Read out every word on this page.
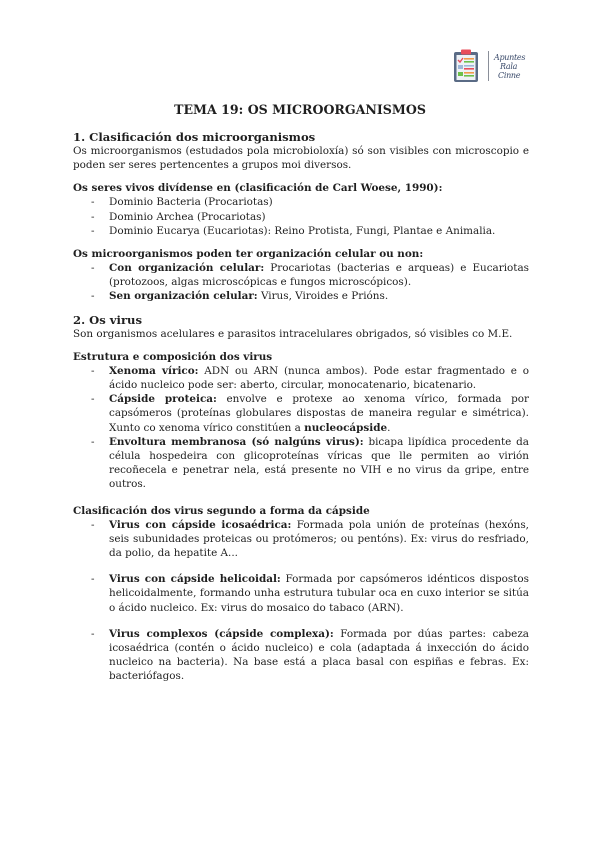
Apuntes
Rala
Cinne
TEMA 19: OS MICROORGANISMOS
1. Clasificación dos microorganismos

Os microorganismos (estudados pola microbioloxía) só son visibles con microscopio e poden ser seres pertencentes a grupos moi diversos.

Os seres vivos divídense en (clasificación de Carl Woese, 1990):
- Dominio Bacteria (Procariotas)
- Dominio Archea (Procariotas)
- Dominio Eucarya (Eucariotas): Reino Protista, Fungi, Plantae e Animalia.
Os microorganismos poden ter organización celular ou non:
- Con organización celular: Procariotas (bacterias e arqueas) e Eucariotas (protozoos, algas microscópicas e fungos microscópicos).
- Sen organización celular: Virus, Viroides e Prións.
2. Os virus

Son organismos acelulares e parasitos intracelulares obrigados, só visibles co M.E.

Estrutura e composición dos virus
- Xenoma vírico: ADN ou ARN (nunca ambos). Pode estar fragmentado e o ácido nucleico pode ser: aberto, circular, monocatenario, bicatenario.
- Cápside proteica: envolve e protexe ao xenoma vírico, formada por capsómeros (proteínas globulares dispostas de maneira regular e simétrica). Xunto co xenoma vírico constitúen a nucleocápside.
- Envoltura membranosa (só nalgúns virus): bicapa lipídica procedente da célula hospedeira con glicoproteínas víricas que lle permiten ao virión recoñecela e penetrar nela, está presente no VIH e no virus da gripe, entre outros.
Clasificación dos virus segundo a forma da cápside
- Virus con cápside icosaédrica: Formada pola unión de proteínas (hexóns, seis subunidades proteicas ou protómeros; ou pentóns). Ex: virus do resfriado, da polio, da hepatite A...
- Virus con cápside helicoidal: Formada por capsómeros idénticos dispostos helicoidalmente, formando unha estrutura tubular oca en cuxo interior se sitúa o ácido nucleico. Ex: virus do mosaico do tabaco (ARN).
- Virus complexos (cápside complexa): Formada por dúas partes: cabeza icosaédrica (contén o ácido nucleico) e cola (adaptada á inxección do ácido nucleico na bacteria). Na base está a placa basal con espiñas e febras. Ex: bacteriófagos.
